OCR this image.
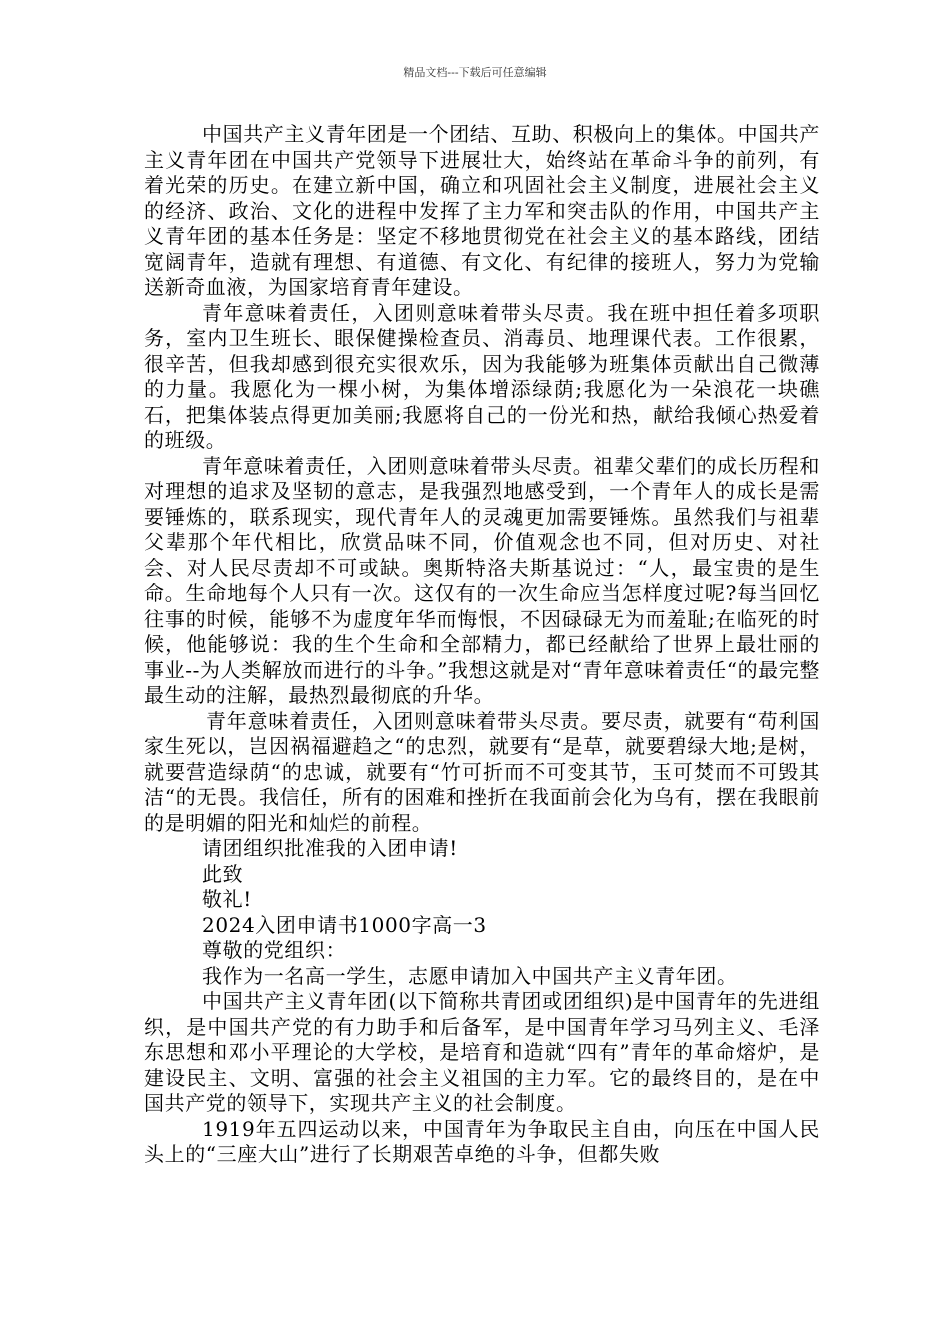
精品文档---下载后可任意编辑

中国共产主义青年团是一个团结、互助、积极向上的集体。中国共产主义青年团在中国共产党领导下进展壮大，始终站在革命斗争的前列，有着光荣的历史。在建立新中国，确立和巩固社会主义制度，进展社会主义的经济、政治、文化的进程中发挥了主力军和突击队的作用，中国共产主义青年团的基本任务是：坚定不移地贯彻党在社会主义的基本路线，团结宽阔青年，造就有理想、有道德、有文化、有纪律的接班人，努力为党输送新奇血液，为国家培育青年建设。

青年意味着责任，入团则意味着带头尽责。我在班中担任着多项职务，室内卫生班长、眼保健操检查员、消毒员、地理课代表。工作很累，很辛苦，但我却感到很充实很欢乐，因为我能够为班集体贡献出自己微薄的力量。我愿化为一棵小树，为集体增添绿荫;我愿化为一朵浪花一块礁石，把集体装点得更加美丽;我愿将自己的一份光和热，献给我倾心热爱着的班级。

青年意味着责任，入团则意味着带头尽责。祖辈父辈们的成长历程和对理想的追求及坚韧的意志，是我强烈地感受到，一个青年人的成长是需要锤炼的，联系现实，现代青年人的灵魂更加需要锤炼。虽然我们与祖辈父辈那个年代相比，欣赏品味不同，价值观念也不同，但对历史、对社会、对人民尽责却不可或缺。奥斯特洛夫斯基说过：“人，最宝贵的是生命。生命地每个人只有一次。这仅有的一次生命应当怎样度过呢?每当回忆往事的时候，能够不为虚度年华而悔恨，不因碌碌无为而羞耻;在临死的时候，他能够说：我的生个生命和全部精力，都已经献给了世界上最壮丽的事业--为人类解放而进行的斗争。”我想这就是对“青年意味着责任“的最完整最生动的注解，最热烈最彻底的升华。

青年意味着责任，入团则意味着带头尽责。要尽责，就要有“苟利国家生死以，岂因祸福避趋之“的忠烈，就要有“是草，就要碧绿大地;是树，就要营造绿荫“的忠诚，就要有“竹可折而不可变其节，玉可焚而不可毁其洁“的无畏。我信任，所有的困难和挫折在我面前会化为乌有，摆在我眼前的是明媚的阳光和灿烂的前程。

请团组织批准我的入团申请!

此致

敬礼!

2024入团申请书1000字高一3

尊敬的党组织：

我作为一名高一学生，志愿申请加入中国共产主义青年团。

中国共产主义青年团(以下简称共青团或团组织)是中国青年的先进组织，是中国共产党的有力助手和后备军，是中国青年学习马列主义、毛泽东思想和邓小平理论的大学校，是培育和造就“四有”青年的革命熔炉，是建设民主、文明、富强的社会主义祖国的主力军。它的最终目的，是在中国共产党的领导下，实现共产主义的社会制度。

1919年五四运动以来，中国青年为争取民主自由，向压在中国人民头上的“三座大山”进行了长期艰苦卓绝的斗争，但都失败
